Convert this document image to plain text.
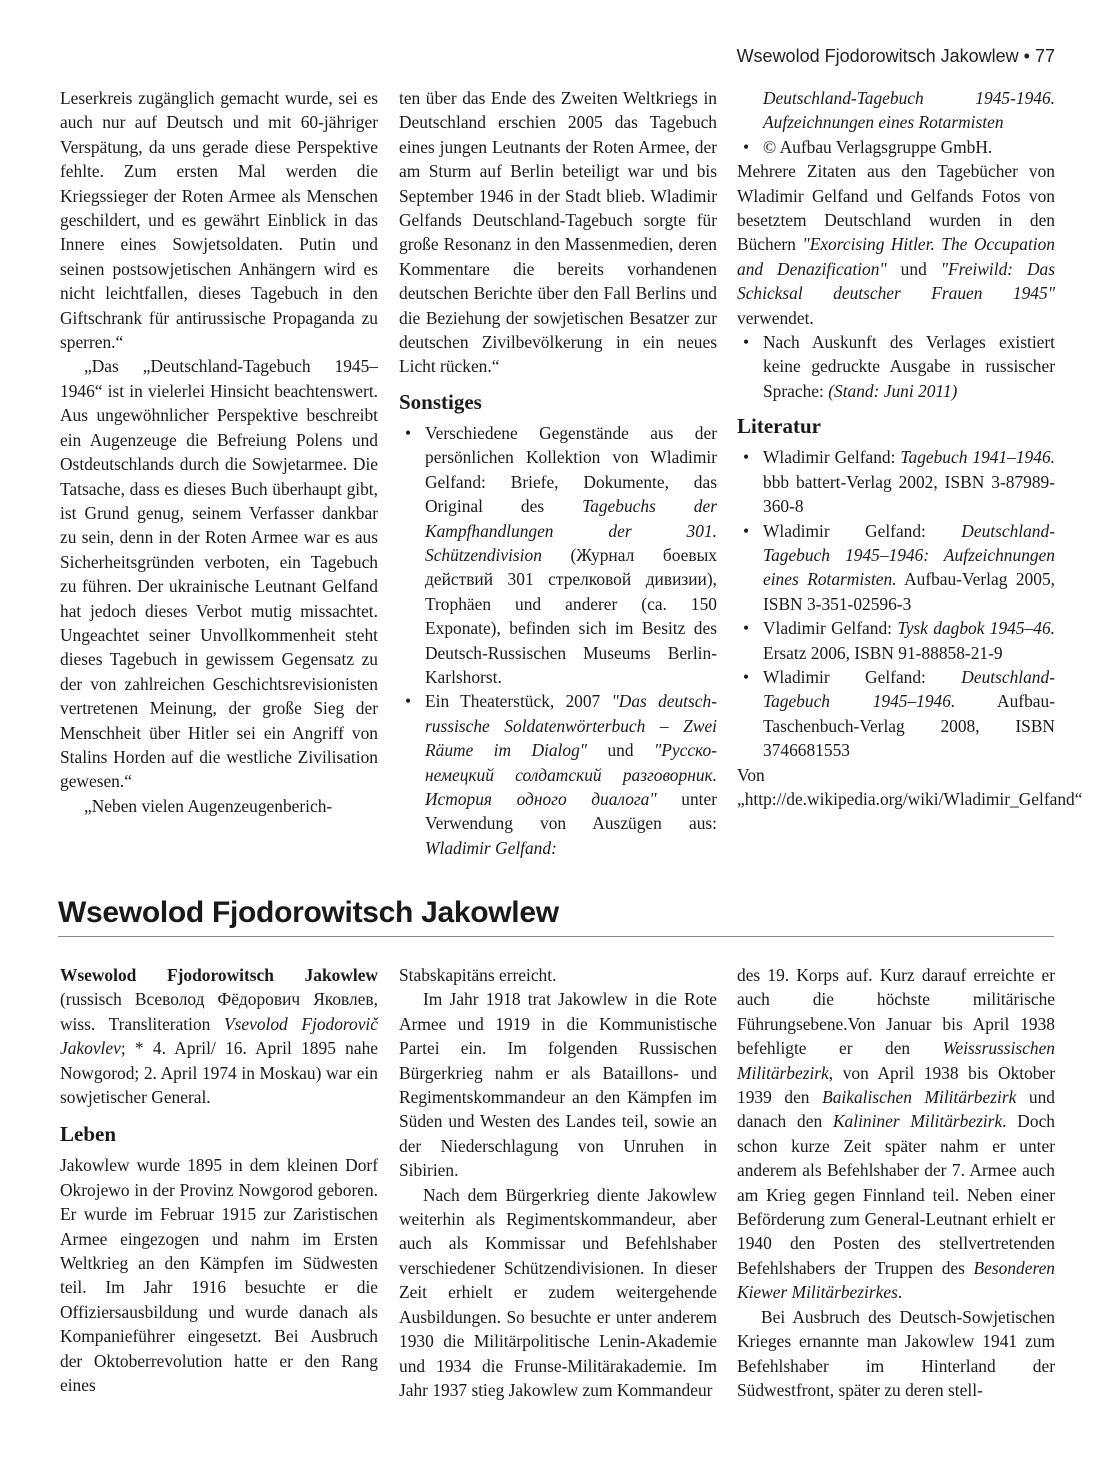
Wsewolod Fjodorowitsch Jakowlew • 77

Leserkreis zugänglich gemacht wurde, sei es auch nur auf Deutsch und mit 60-jähriger Verspätung, da uns gerade diese Perspektive fehlte. Zum ersten Mal werden die Kriegssieger der Roten Armee als Menschen geschildert, und es gewährt Einblick in das Innere eines Sowjetsoldaten. Putin und seinen postsowjetischen Anhängern wird es nicht leichtfallen, dieses Tagebuch in den Giftschrank für antirussische Propaganda zu sperren.“

„Das „Deutschland-Tagebuch 1945–1946“ ist in vielerlei Hinsicht beachtenswert. Aus ungewöhnlicher Perspektive beschreibt ein Augenzeuge die Befreiung Polens und Ostdeutschlands durch die Sowjetarmee. Die Tatsache, dass es dieses Buch überhaupt gibt, ist Grund genug, seinem Verfasser dankbar zu sein, denn in der Roten Armee war es aus Sicherheitsgründen verboten, ein Tagebuch zu führen. Der ukrainische Leutnant Gelfand hat jedoch dieses Verbot mutig missachtet. Ungeachtet seiner Unvollkommenheit steht dieses Tagebuch in gewissem Gegensatz zu der von zahlreichen Geschichtsrevisionisten vertretenen Meinung, der große Sieg der Menschheit über Hitler sei ein Angriff von Stalins Horden auf die westliche Zivilisation gewesen.“

„Neben vielen Augenzeugenberich-

ten über das Ende des Zweiten Weltkriegs in Deutschland erschien 2005 das Tagebuch eines jungen Leutnants der Roten Armee, der am Sturm auf Berlin beteiligt war und bis September 1946 in der Stadt blieb. Wladimir Gelfands Deutschland-Tagebuch sorgte für große Resonanz in den Massenmedien, deren Kommentare die bereits vorhandenen deutschen Berichte über den Fall Berlins und die Beziehung der sowjetischen Besatzer zur deutschen Zivilbevölkerung in ein neues Licht rücken.“

Sonstiges
• Verschiedene Gegenstände aus der persönlichen Kollektion von Wladimir Gelfand: Briefe, Dokumente, das Original des Tagebuchs der Kampfhandlungen der 301. Schützendivision (Журнал боевых действий 301 стрелковой дивизии), Trophäen und anderer (ca. 150 Exponate), befinden sich im Besitz des Deutsch-Russischen Museums Berlin-Karlshorst.
• Ein Theaterstück, 2007 "Das deutsch-russische Soldatenwörterbuch – Zwei Räume im Dialog" und "Русско-немецкий солдатский разговорник. История одного диалога" unter Verwendung von Auszügen aus: Wladimir Gelfand:

Deutschland-Tagebuch 1945-1946. Aufzeichnungen eines Rotarmisten

• © Aufbau Verlagsgruppe GmbH.

Mehrere Zitaten aus den Tagebücher von Wladimir Gelfand und Gelfands Fotos von besetztem Deutschland wurden in den Büchern "Exorcising Hitler. The Occupation and Denazification" und "Freiwild: Das Schicksal deutscher Frauen 1945" verwendet.

• Nach Auskunft des Verlages existiert keine gedruckte Ausgabe in russischer Sprache: (Stand: Juni 2011)
Literatur
• Wladimir Gelfand: Tagebuch 1941–1946. bbb battert-Verlag 2002, ISBN 3-87989-360-8
• Wladimir Gelfand: Deutschland-Tagebuch 1945–1946: Aufzeichnungen eines Rotarmisten. Aufbau-Verlag 2005, ISBN 3-351-02596-3
• Vladimir Gelfand: Tysk dagbok 1945–46. Ersatz 2006, ISBN 91-88858-21-9
• Wladimir Gelfand: Deutschland-Tagebuch 1945–1946. Aufbau-Taschenbuch-Verlag 2008, ISBN 3746681553

Von „http://de.wikipedia.org/wiki/Wladimir_Gelfand“

Wsewolod Fjodorowitsch Jakowlew

Wsewolod Fjodorowitsch Jakowlew (russisch Всеволод Фёдорович Яковлев, wiss. Transliteration Vsevolod Fjodorovič Jakovlev; * 4. April/ 16. April 1895 nahe Nowgorod; 2. April 1974 in Moskau) war ein sowjetischer General.

Leben

Jakowlew wurde 1895 in dem kleinen Dorf Okrojewo in der Provinz Nowgorod geboren. Er wurde im Februar 1915 zur Zaristischen Armee eingezogen und nahm im Ersten Weltkrieg an den Kämpfen im Südwesten teil. Im Jahr 1916 besuchte er die Offiziersausbildung und wurde danach als Kompanieführer eingesetzt. Bei Ausbruch der Oktoberrevolution hatte er den Rang eines

Stabskapitäns erreicht.

Im Jahr 1918 trat Jakowlew in die Rote Armee und 1919 in die Kommunistische Partei ein. Im folgenden Russischen Bürgerkrieg nahm er als Bataillons- und Regimentskommandeur an den Kämpfen im Süden und Westen des Landes teil, sowie an der Niederschlagung von Unruhen in Sibirien.

Nach dem Bürgerkrieg diente Jakowlew weiterhin als Regimentskommandeur, aber auch als Kommissar und Befehlshaber verschiedener Schützendivisionen. In dieser Zeit erhielt er zudem weitergehende Ausbildungen. So besuchte er unter anderem 1930 die Militärpolitische Lenin-Akademie und 1934 die Frunse-Militärakademie. Im Jahr 1937 stieg Jakowlew zum Kommandeur

des 19. Korps auf. Kurz darauf erreichte er auch die höchste militärische Führungsebene.Von Januar bis April 1938 befehligte er den Weissrussischen Militärbezirk, von April 1938 bis Oktober 1939 den Baikalischen Militärbezirk und danach den Kalininer Militärbezirk. Doch schon kurze Zeit später nahm er unter anderem als Befehlshaber der 7. Armee auch am Krieg gegen Finnland teil. Neben einer Beförderung zum General-Leutnant erhielt er 1940 den Posten des stellvertretenden Befehlshabers der Truppen des Besonderen Kiewer Militärbezirkes.

Bei Ausbruch des Deutsch-Sowjetischen Krieges ernannte man Jakowlew 1941 zum Befehlshaber im Hinterland der Südwestfront, später zu deren stell-
